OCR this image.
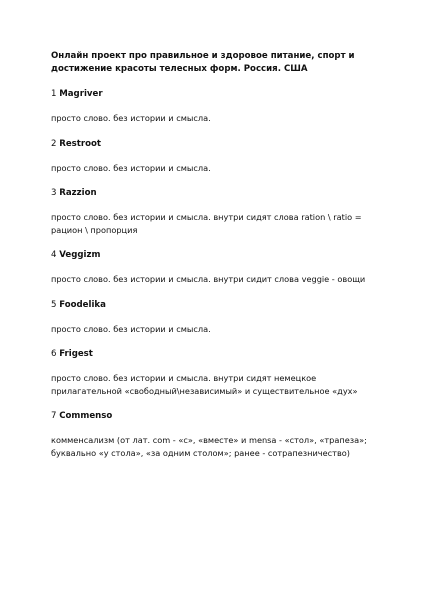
Онлайн проект про правильное и здоровое питание, спорт и достижение красоты телесных форм. Россия. США

1 Magriver

просто слово. без истории и смысла.

2 Restroot

просто слово. без истории и смысла.

3 Razzion

просто слово. без истории и смысла. внутри сидят слова ration \ ratio = рацион \ пропорция

4 Veggizm

просто слово. без истории и смысла. внутри сидит слова veggie - овощи

5 Foodelika

просто слово. без истории и смысла.

6 Frigest

просто слово. без истории и смысла. внутри сидят немецкое прилагательной «свободный\независимый» и существительное «дух»

7 Commenso

комменсализм (от лат. com - «с», «вместе» и mensa - «стол», «трапеза»; буквально «у стола», «за одним столом»; ранее - сотрапезничество)
